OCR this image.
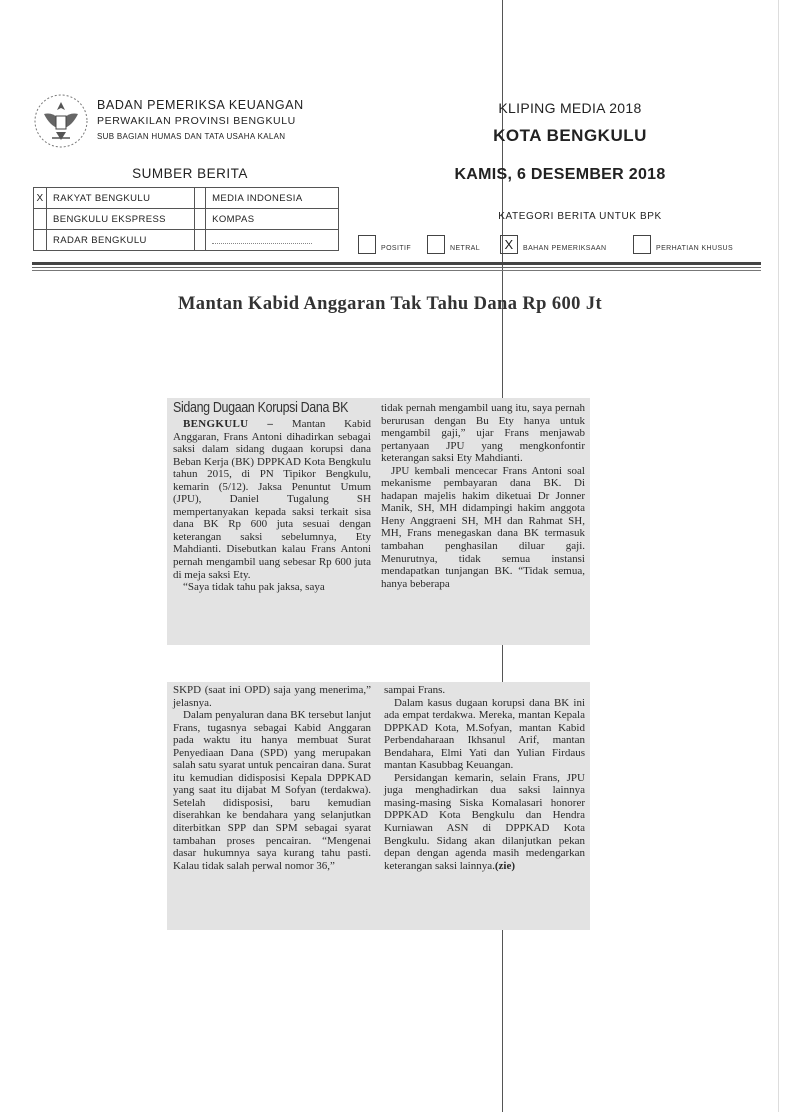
BADAN PEMERIKSA KEUANGAN
PERWAKILAN PROVINSI BENGKULU
SUB BAGIAN HUMAS DAN TATA USAHA KALAN
KLIPING MEDIA 2018
KOTA BENGKULU
KAMIS, 6 DESEMBER 2018
SUMBER BERITA
X	RAKYAT BENGKULU		MEDIA INDONESIA
	BENGKULU EKSPRESS		KOMPAS
	RADAR BENGKULU		
KATEGORI BERITA UNTUK BPK
POSITIF	NETRAL	X	BAHAN PEMERIKSAAN	PERHATIAN KHUSUS
Mantan Kabid Anggaran Tak Tahu Dana Rp 600 Jt
Sidang Dugaan Korupsi Dana BK

BENGKULU – Mantan Kabid Anggaran, Frans Antoni dihadirkan sebagai saksi dalam sidang dugaan korupsi dana Beban Kerja (BK) DPPKAD Kota Bengkulu tahun 2015, di PN Tipikor Bengkulu, kemarin (5/12). Jaksa Penuntut Umum (JPU), Daniel Tugalung SH mempertanyakan kepada saksi terkait sisa dana BK Rp 600 juta sesuai dengan keterangan saksi sebelumnya, Ety Mahdianti. Disebutkan kalau Frans Antoni pernah mengambil uang sebesar Rp 600 juta di meja saksi Ety.

“Saya tidak tahu pak jaksa, saya

tidak pernah mengambil uang itu, saya pernah berurusan dengan Bu Ety hanya untuk mengambil gaji,” ujar Frans menjawab pertanyaan JPU yang mengkonfontir keterangan saksi Ety Mahdianti.

JPU kembali mencecar Frans Antoni soal mekanisme pembayaran dana BK. Di hadapan majelis hakim diketuai Dr Jonner Manik, SH, MH didampingi hakim anggota Heny Anggraeni SH, MH dan Rahmat SH, MH, Frans menegaskan dana BK termasuk tambahan penghasilan diluar gaji. Menurutnya, tidak semua instansi mendapatkan tunjangan BK. “Tidak semua, hanya beberapa

SKPD (saat ini OPD) saja yang menerima,” jelasnya.

Dalam penyaluran dana BK tersebut lanjut Frans, tugasnya sebagai Kabid Anggaran pada waktu itu hanya membuat Surat Penyediaan Dana (SPD) yang merupakan salah satu syarat untuk pencairan dana. Surat itu kemudian didisposisi Kepala DPPKAD yang saat itu dijabat M Sofyan (terdakwa). Setelah didisposisi, baru kemudian diserahkan ke bendahara yang selanjutkan diterbitkan SPP dan SPM sebagai syarat tambahan proses pencairan. “Mengenai dasar hukumnya saya kurang tahu pasti. Kalau tidak salah perwal nomor 36,”

sampai Frans.

Dalam kasus dugaan korupsi dana BK ini ada empat terdakwa. Mereka, mantan Kepala DPPKAD Kota, M.Sofyan, mantan Kabid Perbendaharaan Ikhsanul Arif, mantan Bendahara, Elmi Yati dan Yulian Firdaus mantan Kasubbag Keuangan.

Persidangan kemarin, selain Frans, JPU juga menghadirkan dua saksi lainnya masing-masing Siska Komalasari honorer DPPKAD Kota Bengkulu dan Hendra Kurniawan ASN di DPPKAD Kota Bengkulu. Sidang akan dilanjutkan pekan depan dengan agenda masih medengarkan keterangan saksi lainnya.(zie)
